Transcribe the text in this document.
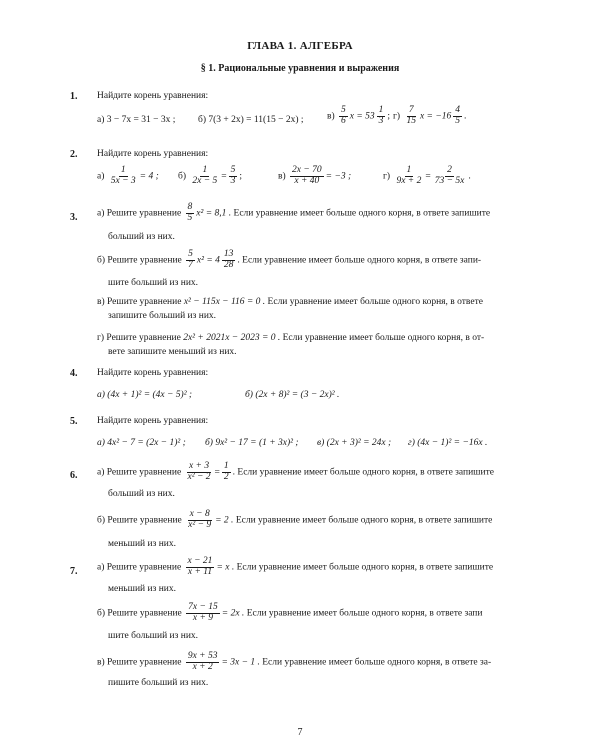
ГЛАВА 1. АЛГЕБРА
§ 1. Рациональные уравнения и выражения
1. Найдите корень уравнения:
а) 3 − 7x = 31 − 3x ; б) 7(3 + 2x) = 11(15 − 2x) ; $в) \frac{5}{6}$ $x = 53 \frac{1}{3}$ ; $г) \frac{7}{15}$ $x = -16 \frac{4}{5}$ .
2. Найдите корень уравнения:
$а) \frac{1}{5x - 3} = 4$ ; $б) \frac{1}{2x - 5} = \frac{5}{3}$ ;	$в) \frac{2x - 70}{x + 40} = -3$ ;	$г) \frac{1}{9x + 2} = \frac{2}{73 - 5x}$ .
3. а) Решите уравнение $\frac{8}{5} x^2 = 8,1$ . Если уравнение имеет больше одного корня, в ответе запишите
больший из них.
б) Решите уравнение $\frac{5}{7} x^2 = 4 \frac{13}{28}$ . Если уравнение имеет больше одного корня, в ответе запи-
шите больший из них.
в) Решите уравнение x² − 115x − 116 = 0 . Если уравнение имеет больше одного корня, в ответе
запишите больший из них.
г) Решите уравнение 2x² + 2021x − 2023 = 0 . Если уравнение имеет больше одного корня, в от-
вете запишите меньший из них.
4. Найдите корень уравнения:
а) (4x + 1)² = (4x − 5)² ;	б) (2x + 8)² = (3 − 2x)² .
5. Найдите корень уравнения:
а) 4x² − 7 = (2x − 1)² ; б) 9x² − 17 = (1 + 3x)² ; в) (2x + 3)² = 24x ; г) (4x − 1)² = −16x .
6. а) Решите уравнение $\frac{x + 3}{\text{x² − 2}} = \frac{1}{2}$ . Если уравнение имеет больше одного корня, в ответе запишите
больший из них.
б) Решите уравнение $\frac{x - 8}{\text{x² − 9}} = 2$ . Если уравнение имеет больше одного корня, в ответе запишите
меньший из них.
7. а) Решите уравнение $\frac{x - 21}{x + 11} = x$ . Если уравнение имеет больше одного корня, в ответе запишите
меньший из них.
б) Решите уравнение $\frac{7x - 15}{x + 9} = 2x$ . Если уравнение имеет больше одного корня, в ответе запи
шите больший из них.
в) Решите уравнение $\frac{9x + 53}{x + 2} = 3x - 1$ . Если уравнение имеет больше одного корня, в ответе за-
пишите больший из них.
7
